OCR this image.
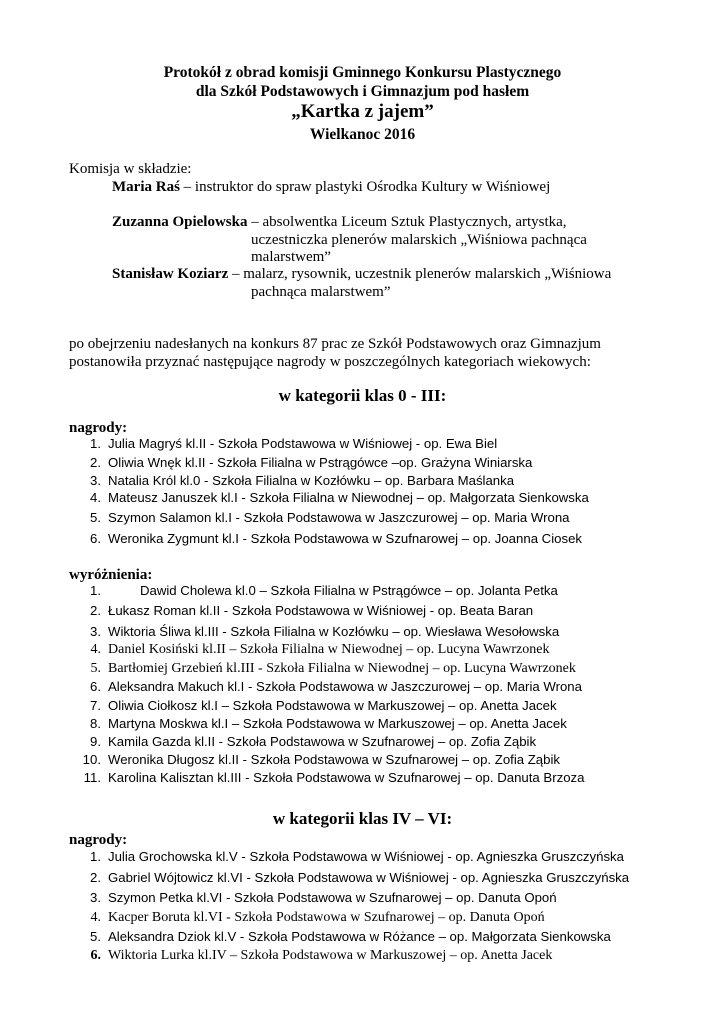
Protokół z obrad komisji Gminnego Konkursu Plastycznego
dla Szkół Podstawowych i Gimnazjum pod hasłem
„Kartka z jajem”
Wielkanoc 2016
Komisja w składzie:
Maria Raś – instruktor do spraw plastyki Ośrodka Kultury w Wiśniowej
Zuzanna Opielowska – absolwentka Liceum Sztuk Plastycznych, artystka,
uczestniczka plenerów malarskich „Wiśniowa pachnąca
malarstwem”
Stanisław Koziarz – malarz, rysownik, uczestnik plenerów malarskich „Wiśniowa
pachnąca malarstwem”
po obejrzeniu nadesłanych na konkurs 87 prac ze Szkół Podstawowych oraz Gimnazjum
postanowiła przyznać następujące nagrody w poszczególnych kategoriach wiekowych:
w kategorii klas 0 - III:
nagrody:
1. Julia Magryś kl.II - Szkoła Podstawowa w Wiśniowej - op. Ewa Biel
2. Oliwia Wnęk kl.II - Szkoła Filialna w Pstrągówce –op. Grażyna Winiarska
3. Natalia Król kl.0 - Szkoła Filialna w Kozłówku – op. Barbara Maślanka
4. Mateusz Januszek kl.I - Szkoła Filialna w Niewodnej – op. Małgorzata Sienkowska
5. Szymon Salamon kl.I - Szkoła Podstawowa w Jaszczurowej – op. Maria Wrona
6. Weronika Zygmunt kl.I - Szkoła Podstawowa w Szufnarowej – op. Joanna Ciosek
wyróżnienia:
1.	Dawid Cholewa kl.0 – Szkoła Filialna w Pstrągówce – op. Jolanta Petka
2. Łukasz Roman kl.II - Szkoła Podstawowa w Wiśniowej - op. Beata Baran
3. Wiktoria Śliwa kl.III - Szkoła Filialna w Kozłówku – op. Wiesława Wesołowska
4. Daniel Kosiński kl.II – Szkoła Filialna w Niewodnej – op. Lucyna Wawrzonek
5. Bartłomiej Grzebień kl.III - Szkoła Filialna w Niewodnej – op. Lucyna Wawrzonek
6. Aleksandra Makuch kl.I - Szkoła Podstawowa w Jaszczurowej – op. Maria Wrona
7. Oliwia Ciołkosz kl.I – Szkoła Podstawowa w Markuszowej – op. Anetta Jacek
8. Martyna Moskwa kl.I – Szkoła Podstawowa w Markuszowej – op. Anetta Jacek
9. Kamila Gazda kl.II - Szkoła Podstawowa w Szufnarowej – op. Zofia Ząbik
10. Weronika Długosz kl.II - Szkoła Podstawowa w Szufnarowej – op. Zofia Ząbik
11. Karolina Kalisztan kl.III - Szkoła Podstawowa w Szufnarowej – op. Danuta Brzoza
w kategorii klas IV – VI:
nagrody:
1. Julia Grochowska kl.V - Szkoła Podstawowa w Wiśniowej - op. Agnieszka Gruszczyńska
2. Gabriel Wójtowicz kl.VI - Szkoła Podstawowa w Wiśniowej - op. Agnieszka Gruszczyńska
3. Szymon Petka kl.VI - Szkoła Podstawowa w Szufnarowej – op. Danuta Opoń
4. Kacper Boruta kl.VI - Szkoła Podstawowa w Szufnarowej – op. Danuta Opoń
5. Aleksandra Dziok kl.V - Szkoła Podstawowa w Różance – op. Małgorzata Sienkowska
6. Wiktoria Lurka kl.IV – Szkoła Podstawowa w Markuszowej – op. Anetta Jacek
